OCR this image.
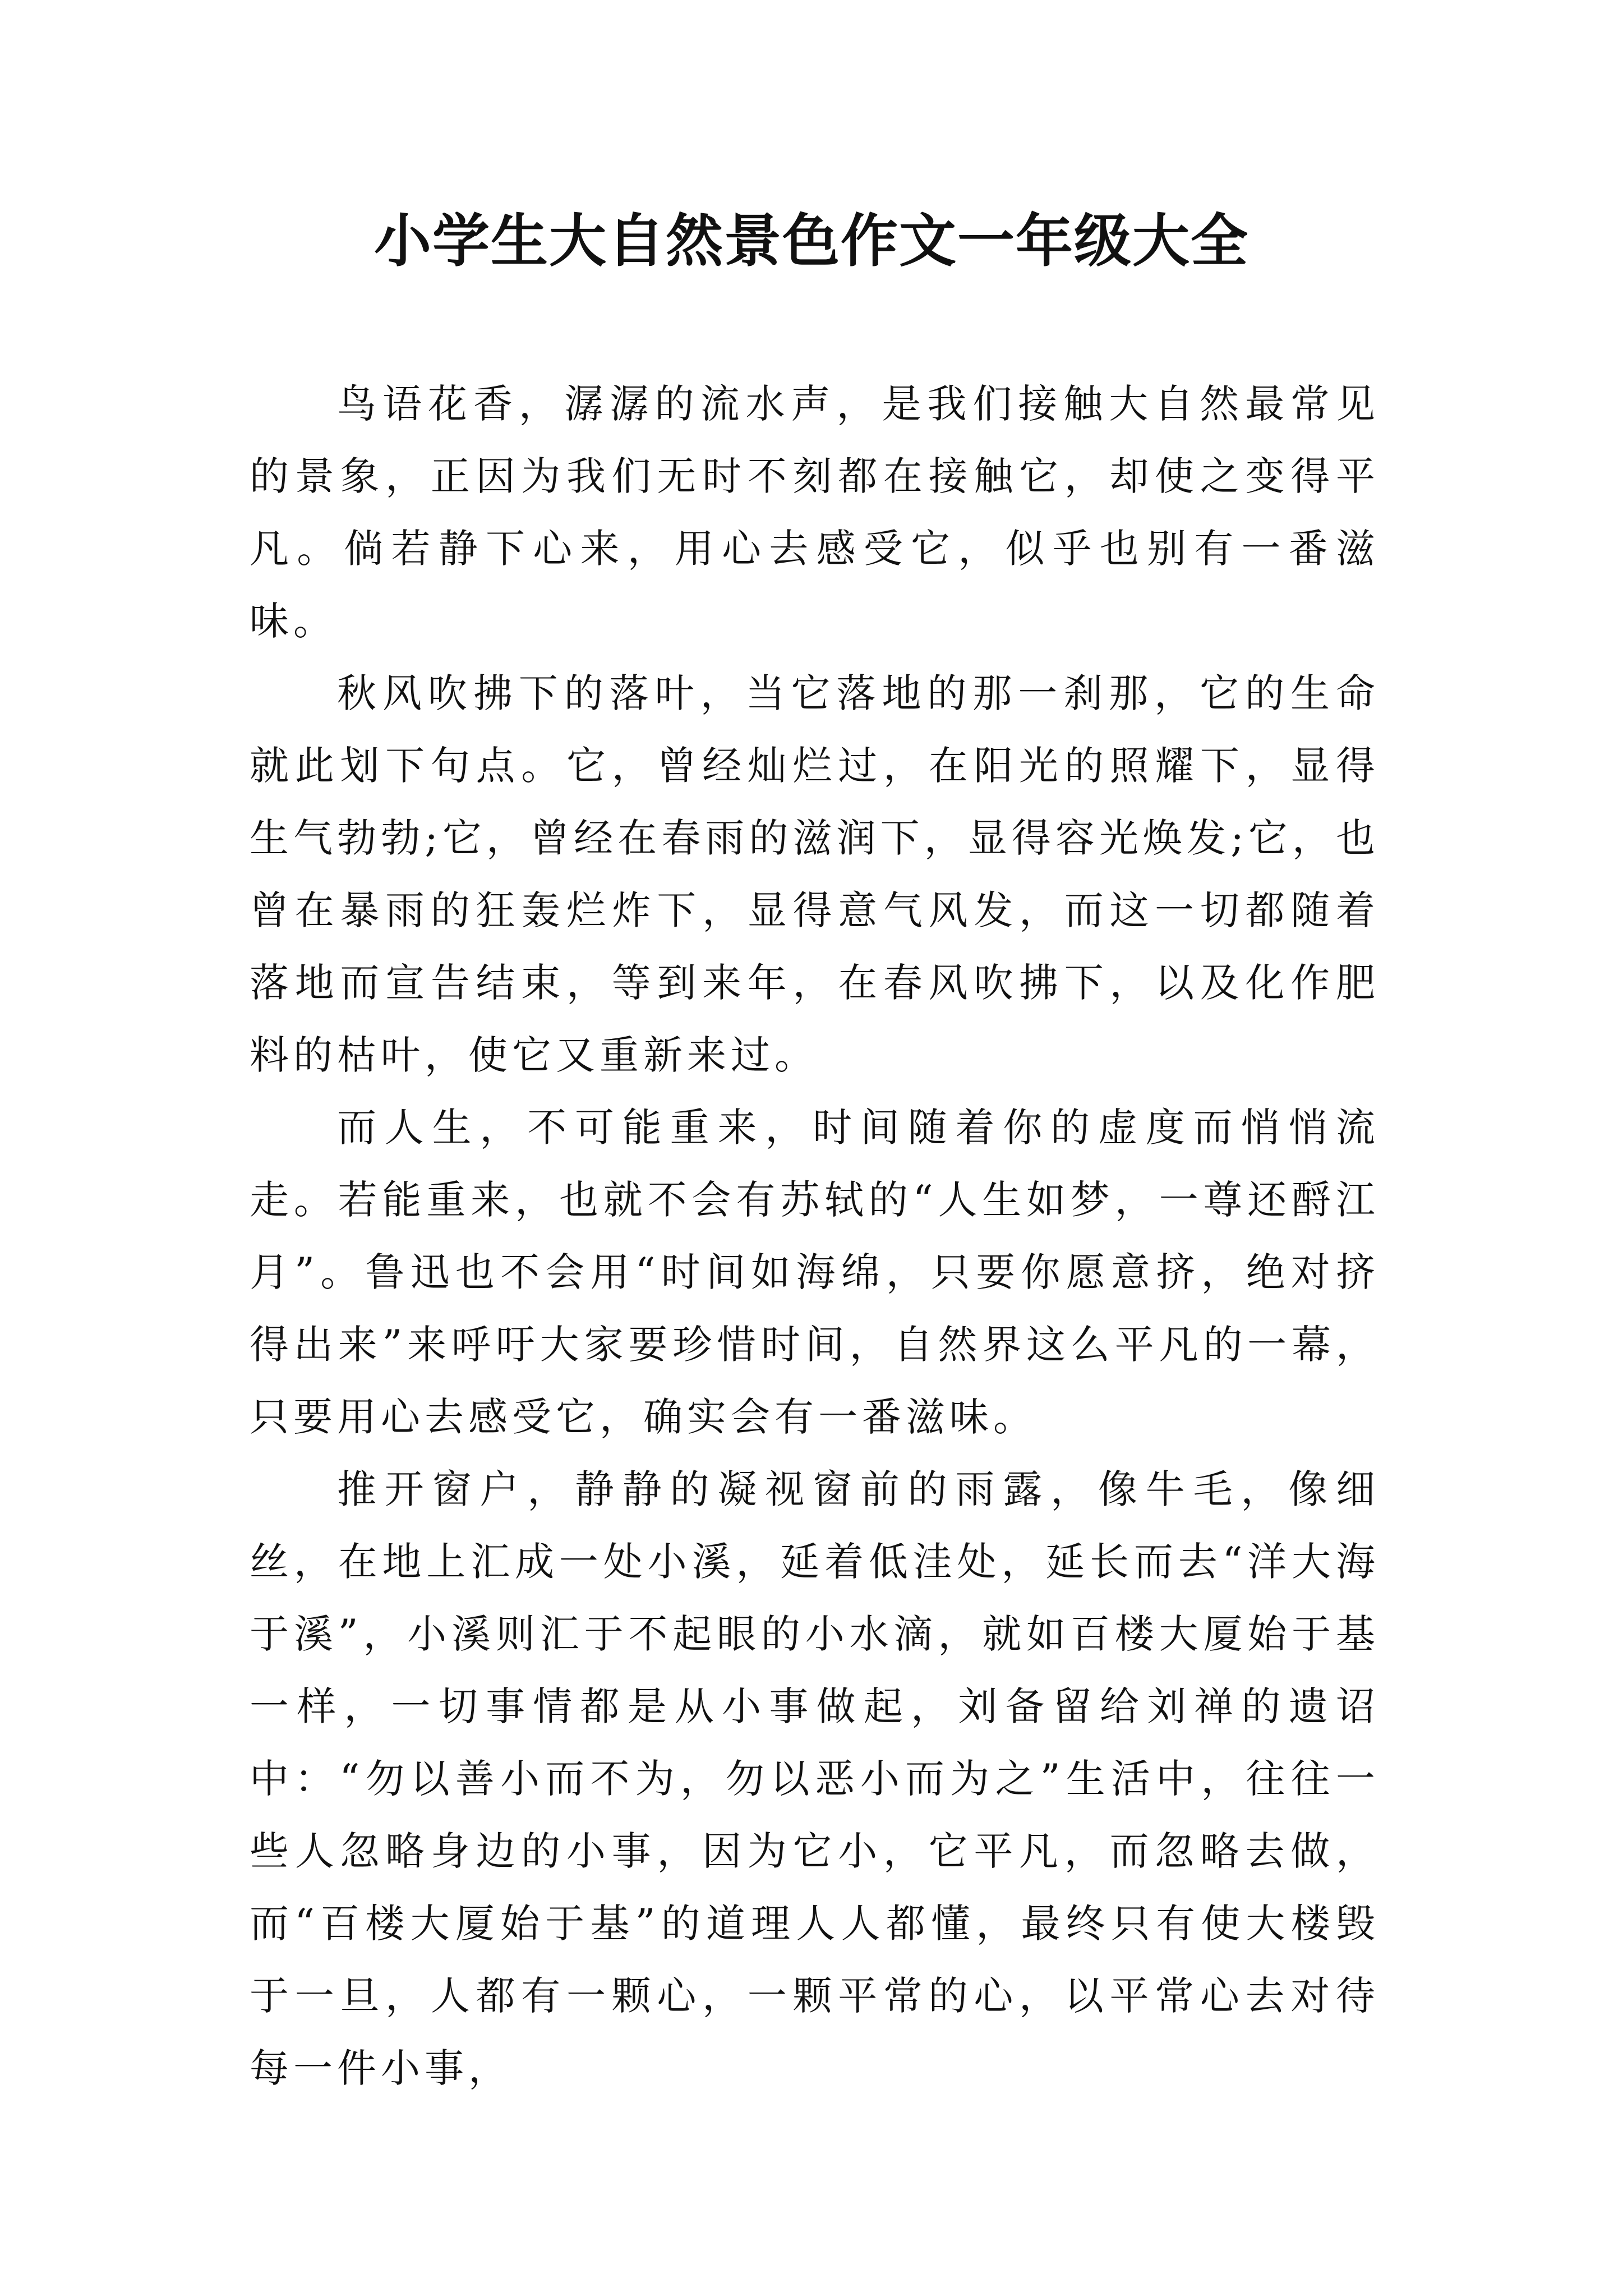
小学生大自然景色作文一年级大全

鸟语花香，潺潺的流水声，是我们接触大自然最常见的景象，正因为我们无时不刻都在接触它，却使之变得平凡。倘若静下心来，用心去感受它，似乎也别有一番滋味。

秋风吹拂下的落叶，当它落地的那一刹那，它的生命就此划下句点。它，曾经灿烂过，在阳光的照耀下，显得生气勃勃;它，曾经在春雨的滋润下，显得容光焕发;它，也曾在暴雨的狂轰烂炸下，显得意气风发，而这一切都随着落地而宣告结束，等到来年，在春风吹拂下，以及化作肥料的枯叶，使它又重新来过。

而人生，不可能重来，时间随着你的虚度而悄悄流走。若能重来，也就不会有苏轼的“人生如梦，一尊还酹江月”。鲁迅也不会用“时间如海绵，只要你愿意挤，绝对挤得出来”来呼吁大家要珍惜时间，自然界这么平凡的一幕，只要用心去感受它，确实会有一番滋味。

推开窗户，静静的凝视窗前的雨露，像牛毛，像细丝，在地上汇成一处小溪，延着低洼处，延长而去“洋大海于溪”，小溪则汇于不起眼的小水滴，就如百楼大厦始于基一样，一切事情都是从小事做起，刘备留给刘禅的遗诏中：“勿以善小而不为，勿以恶小而为之”生活中，往往一些人忽略身边的小事，因为它小，它平凡，而忽略去做，而“百楼大厦始于基”的道理人人都懂，最终只有使大楼毁于一旦，人都有一颗心，一颗平常的心，以平常心去对待每一件小事，
